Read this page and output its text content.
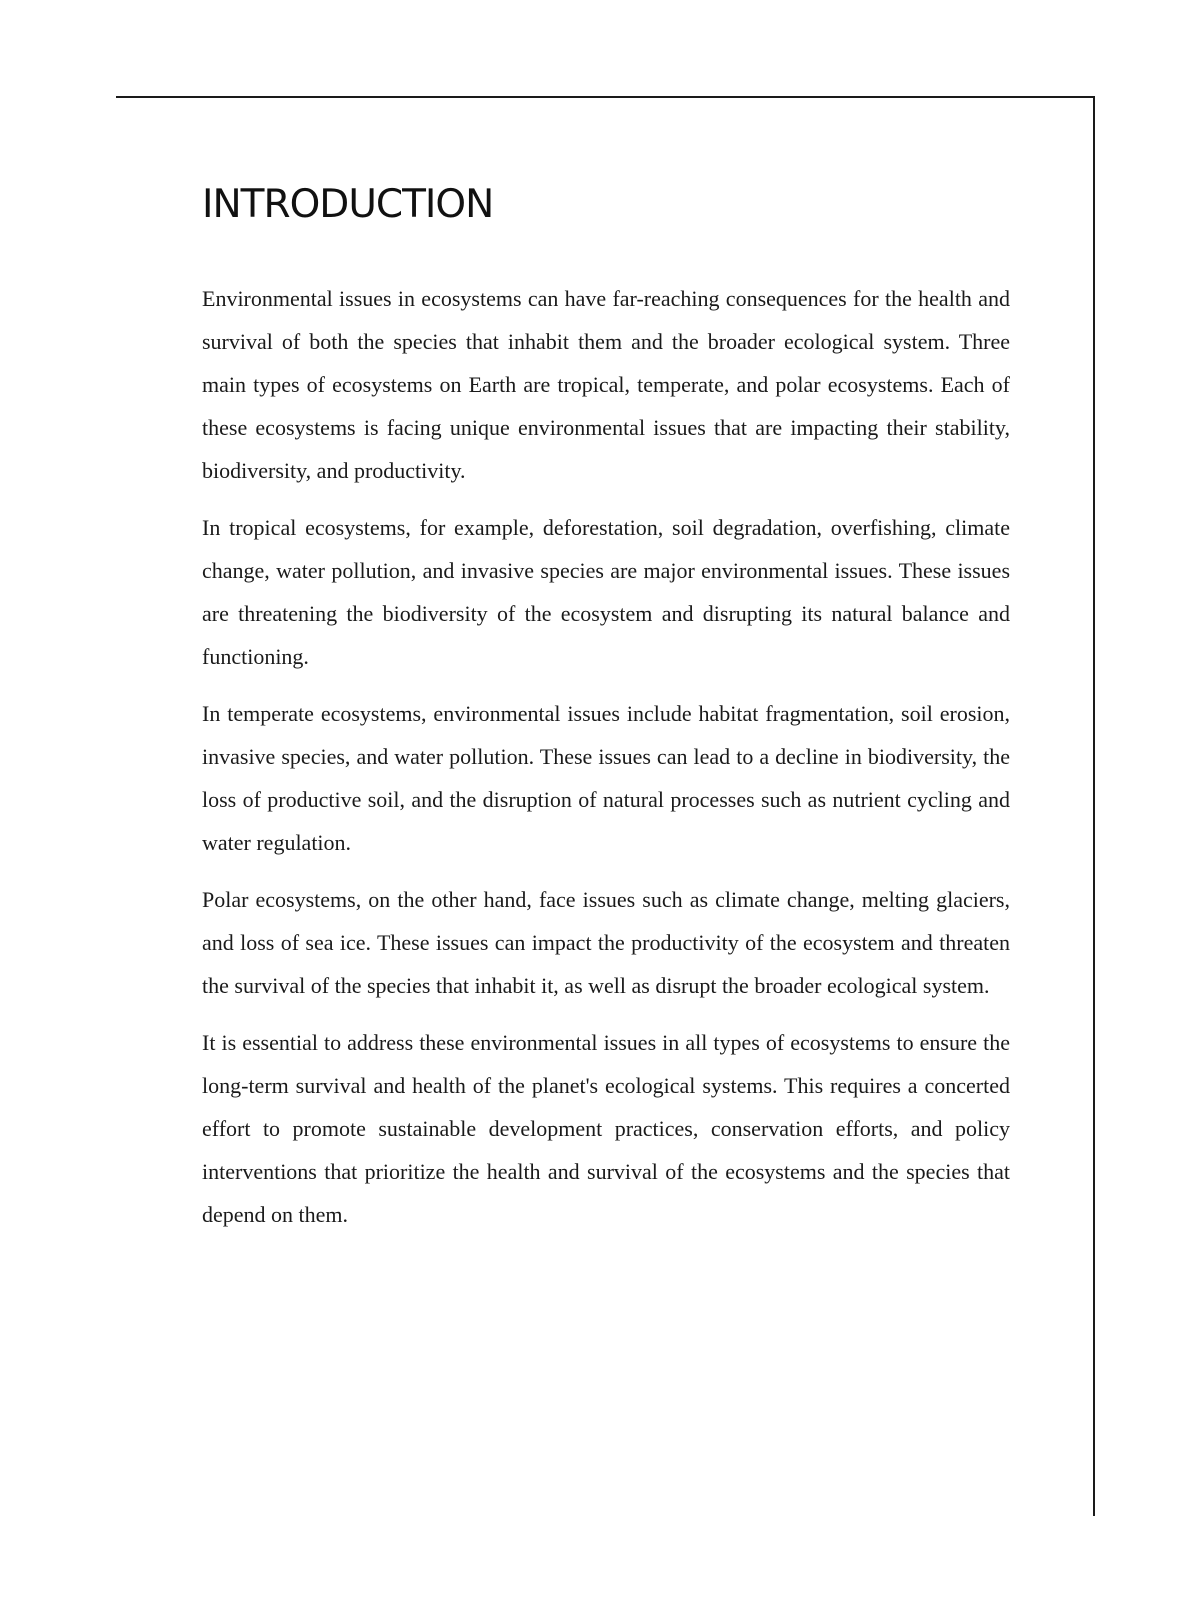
INTRODUCTION

Environmental issues in ecosystems can have far-reaching consequences for the health and survival of both the species that inhabit them and the broader ecological system. Three main types of ecosystems on Earth are tropical, temperate, and polar ecosystems. Each of these ecosystems is facing unique environmental issues that are impacting their stability, biodiversity, and productivity.

In tropical ecosystems, for example, deforestation, soil degradation, overfishing, climate change, water pollution, and invasive species are major environmental issues. These issues are threatening the biodiversity of the ecosystem and disrupting its natural balance and functioning.

In temperate ecosystems, environmental issues include habitat fragmentation, soil erosion, invasive species, and water pollution. These issues can lead to a decline in biodiversity, the loss of productive soil, and the disruption of natural processes such as nutrient cycling and water regulation.

Polar ecosystems, on the other hand, face issues such as climate change, melting glaciers, and loss of sea ice. These issues can impact the productivity of the ecosystem and threaten the survival of the species that inhabit it, as well as disrupt the broader ecological system.

It is essential to address these environmental issues in all types of ecosystems to ensure the long-term survival and health of the planet's ecological systems. This requires a concerted effort to promote sustainable development practices, conservation efforts, and policy interventions that prioritize the health and survival of the ecosystems and the species that depend on them.
